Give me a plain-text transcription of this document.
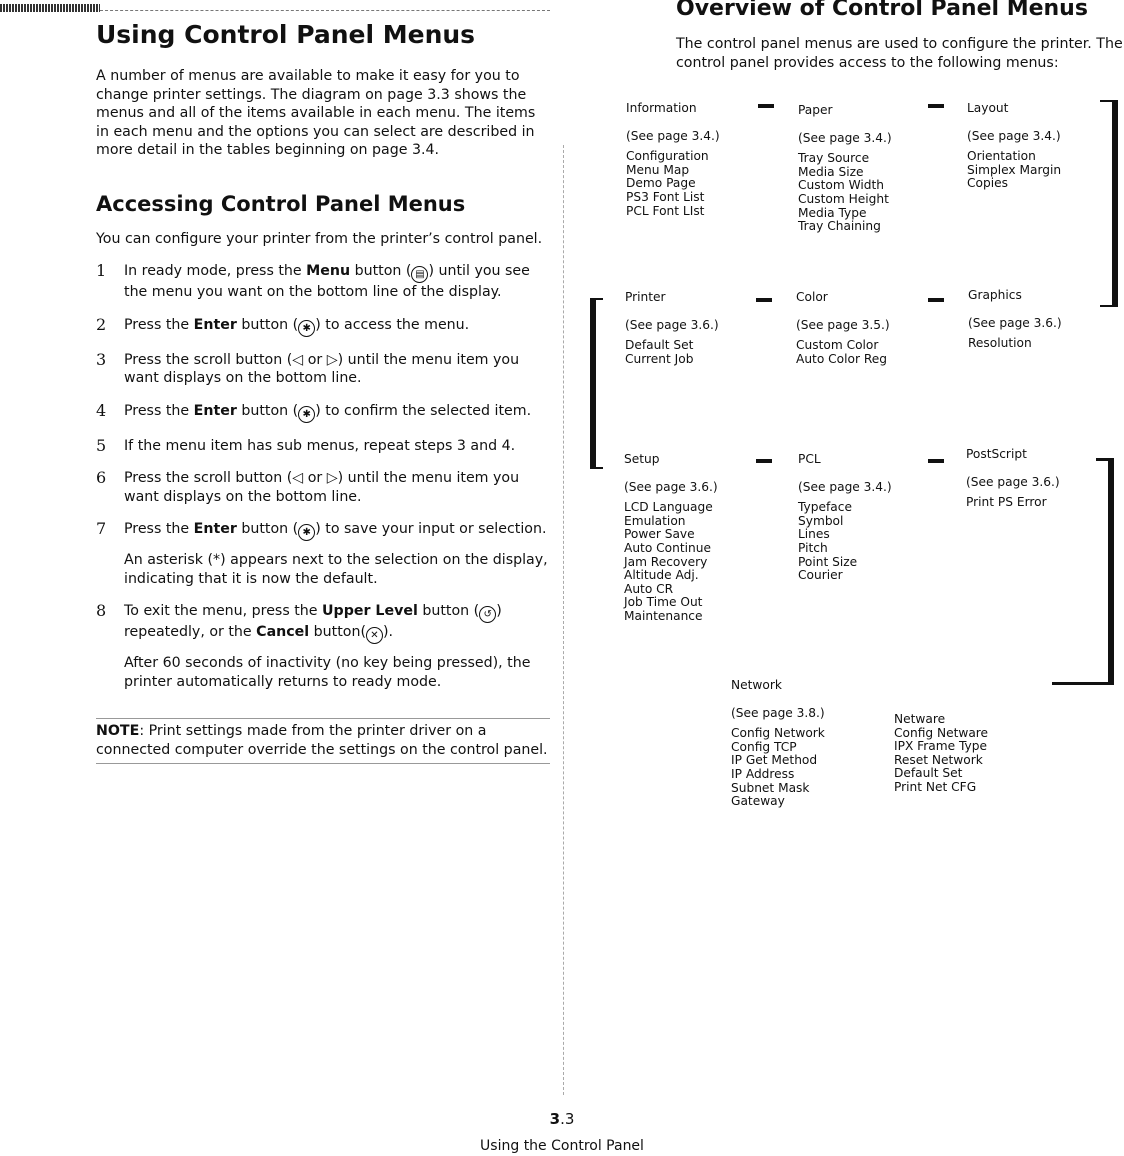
Using Control Panel Menus

A number of menus are available to make it easy for you to change printer settings. The diagram on page 3.3 shows the menus and all of the items available in each menu. The items in each menu and the options you can select are described in more detail in the tables beginning on page 3.4.

Accessing Control Panel Menus

You can configure your printer from the printer’s control panel.

1 In ready mode, press the Menu button ( ▤ ) until you see the menu you want on the bottom line of the display.
2 Press the Enter button ( ✱ ) to access the menu.
3 Press the scroll button (◁ or ▷) until the menu item you want displays on the bottom line.
4 Press the Enter button ( ✱ ) to confirm the selected item.
5 If the menu item has sub menus, repeat steps 3 and 4.
6 Press the scroll button (◁ or ▷) until the menu item you want displays on the bottom line.
7 Press the Enter button ( ✱ ) to save your input or selection.
An asterisk (*) appears next to the selection on the display, indicating that it is now the default.
8 To exit the menu, press the Upper Level button ( ↺ ) repeatedly, or the Cancel button( ✕ ).
After 60 seconds of inactivity (no key being pressed), the printer automatically returns to ready mode.
NOTE: Print settings made from the printer driver on a connected computer override the settings on the control panel.
Overview of Control Panel Menus

The control panel menus are used to configure the printer. The control panel provides access to the following menus:

Information
(See page 3.4.)
Configuration
Menu Map
Demo Page
PS3 Font List
PCL Font LIst
Paper
(See page 3.4.)
Tray Source
Media Size
Custom Width
Custom Height
Media Type
Tray Chaining
Layout
(See page 3.4.)
Orientation
Simplex Margin
Copies
Printer
(See page 3.6.)
Default Set
Current Job
Color
(See page 3.5.)
Custom Color
Auto Color Reg
Graphics
(See page 3.6.)
Resolution
Setup
(See page 3.6.)
LCD Language
Emulation
Power Save
Auto Continue
Jam Recovery
Altitude Adj.
Auto CR
Job Time Out
Maintenance
PCL
(See page 3.4.)
Typeface
Symbol
Lines
Pitch
Point Size
Courier
PostScript
(See page 3.6.)
Print PS Error
Network
(See page 3.8.)
Config Network
Config TCP
IP Get Method
IP Address
Subnet Mask
Gateway
Netware
Config Netware
IPX Frame Type
Reset Network
Default Set
Print Net CFG
3.3
Using the Control Panel
